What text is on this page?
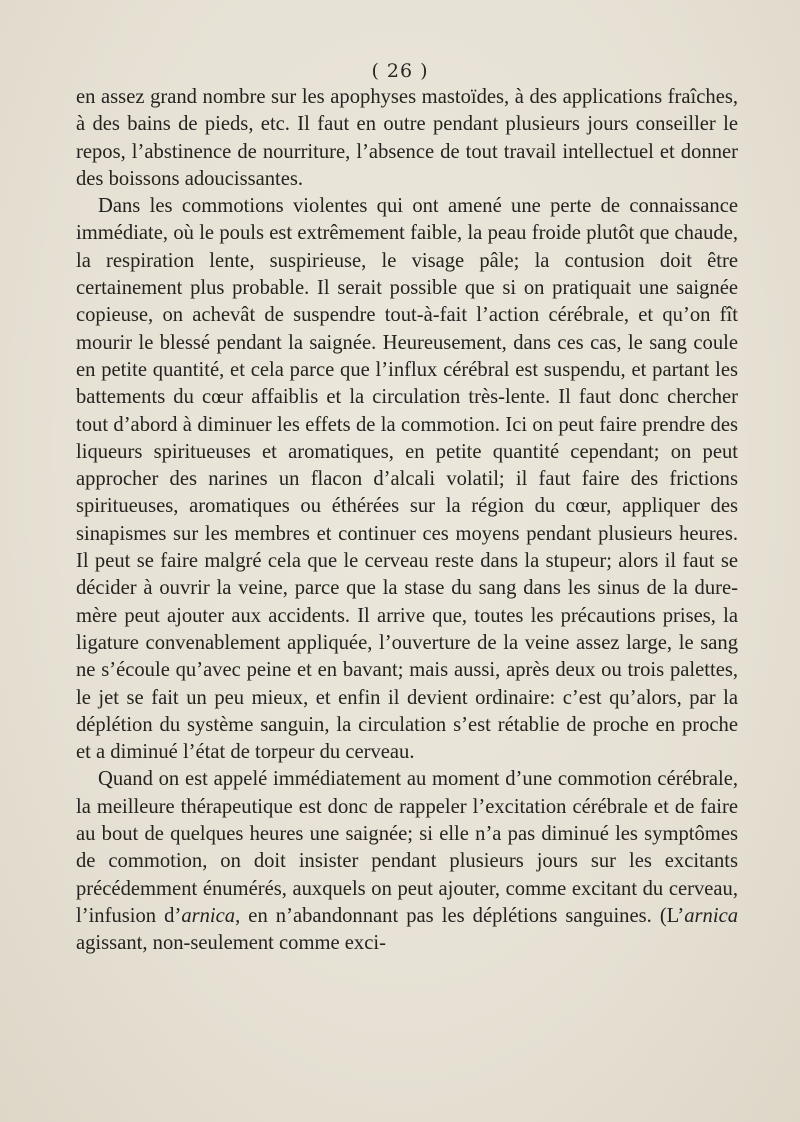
( 26 )

en assez grand nombre sur les apophyses mastoïdes, à des applications fraîches, à des bains de pieds, etc. Il faut en outre pendant plusieurs jours conseiller le repos, l’abstinence de nourriture, l’absence de tout travail intellectuel et donner des boissons adoucissantes.

Dans les commotions violentes qui ont amené une perte de connaissance immédiate, où le pouls est extrêmement faible, la peau froide plutôt que chaude, la respiration lente, suspirieuse, le visage pâle; la contusion doit être certainement plus probable. Il serait possible que si on pratiquait une saignée copieuse, on achevât de suspendre tout-à-fait l’action cérébrale, et qu’on fît mourir le blessé pendant la saignée. Heureusement, dans ces cas, le sang coule en petite quantité, et cela parce que l’influx cérébral est suspendu, et partant les battements du cœur affaiblis et la circulation très-lente. Il faut donc chercher tout d’abord à diminuer les effets de la commotion. Ici on peut faire prendre des liqueurs spiritueuses et aromatiques, en petite quantité cependant; on peut approcher des narines un flacon d’alcali volatil; il faut faire des frictions spiritueuses, aromatiques ou éthérées sur la région du cœur, appliquer des sinapismes sur les membres et continuer ces moyens pendant plusieurs heures. Il peut se faire malgré cela que le cerveau reste dans la stupeur; alors il faut se décider à ouvrir la veine, parce que la stase du sang dans les sinus de la dure-mère peut ajouter aux accidents. Il arrive que, toutes les précautions prises, la ligature convenablement appliquée, l’ouverture de la veine assez large, le sang ne s’écoule qu’avec peine et en bavant; mais aussi, après deux ou trois palettes, le jet se fait un peu mieux, et enfin il devient ordinaire: c’est qu’alors, par la déplétion du système sanguin, la circulation s’est rétablie de proche en proche et a diminué l’état de torpeur du cerveau.

Quand on est appelé immédiatement au moment d’une commotion cérébrale, la meilleure thérapeutique est donc de rappeler l’excitation cérébrale et de faire au bout de quelques heures une saignée; si elle n’a pas diminué les symptômes de commotion, on doit insister pendant plusieurs jours sur les excitants précédemment énumérés, auxquels on peut ajouter, comme excitant du cerveau, l’infusion d’arnica, en n’abandonnant pas les déplétions sanguines. (L’arnica agissant, non-seulement comme exci-
